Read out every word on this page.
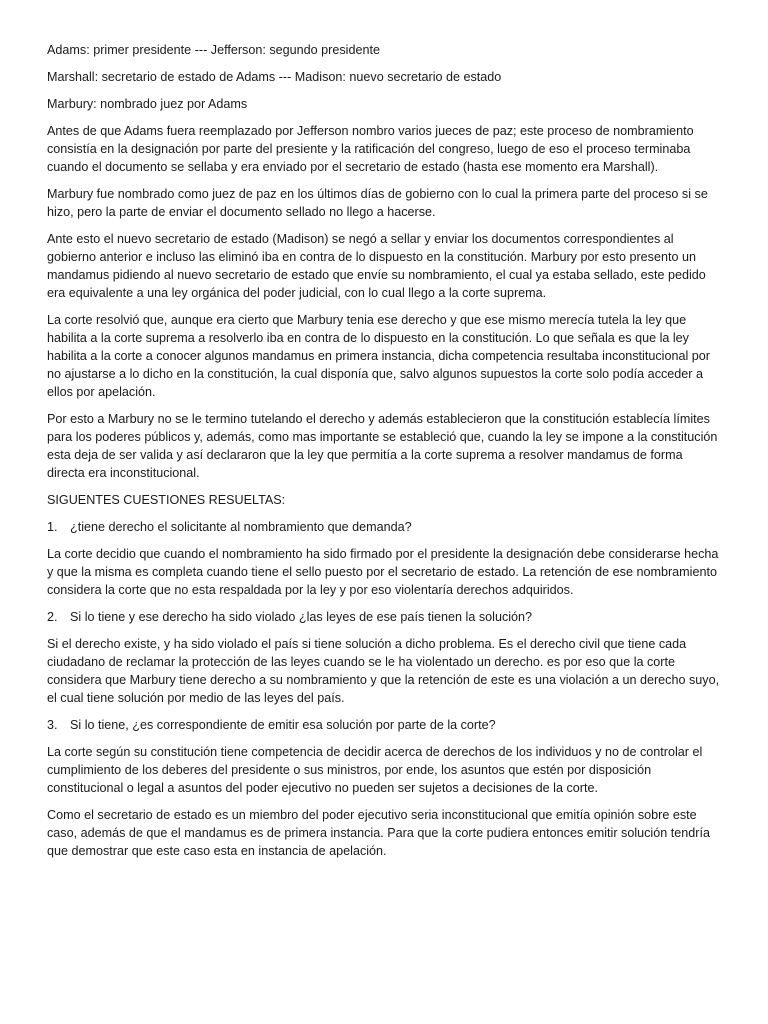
Adams: primer presidente --- Jefferson: segundo presidente

Marshall: secretario de estado de Adams --- Madison: nuevo secretario de estado

Marbury: nombrado juez por Adams

Antes de que Adams fuera reemplazado por Jefferson nombro varios jueces de paz; este proceso de nombramiento consistía en la designación por parte del presiente y la ratificación del congreso, luego de eso el proceso terminaba cuando el documento se sellaba y era enviado por el secretario de estado (hasta ese momento era Marshall).

Marbury fue nombrado como juez de paz en los últimos días de gobierno con lo cual la primera parte del proceso si se hizo, pero la parte de enviar el documento sellado no llego a hacerse.

Ante esto el nuevo secretario de estado (Madison) se negó a sellar y enviar los documentos correspondientes al gobierno anterior e incluso las eliminó iba en contra de lo dispuesto en la constitución. Marbury por esto presento un mandamus pidiendo al nuevo secretario de estado que envíe su nombramiento, el cual ya estaba sellado, este pedido era equivalente a una ley orgánica del poder judicial, con lo cual llego a la corte suprema.

La corte resolvió que, aunque era cierto que Marbury tenia ese derecho y que ese mismo merecía tutela la ley que habilita a la corte suprema a resolverlo iba en contra de lo dispuesto en la constitución. Lo que señala es que la ley habilita a la corte a conocer algunos mandamus en primera instancia, dicha competencia resultaba inconstitucional por no ajustarse a lo dicho en la constitución, la cual disponía que, salvo algunos supuestos la corte solo podía acceder a ellos por apelación.

Por esto a Marbury no se le termino tutelando el derecho y además establecieron que la constitución establecía límites para los poderes públicos y, además, como mas importante se estableció que, cuando la ley se impone a la constitución esta deja de ser valida y así declararon que la ley que permitía a la corte suprema a resolver mandamus de forma directa era inconstitucional.

SIGUENTES CUESTIONES RESUELTAS:

1. ¿tiene derecho el solicitante al nombramiento que demanda?

La corte decidio que cuando el nombramiento ha sido firmado por el presidente la designación debe considerarse hecha y que la misma es completa cuando tiene el sello puesto por el secretario de estado. La retención de ese nombramiento considera la corte que no esta respaldada por la ley y por eso violentaría derechos adquiridos.

2. Si lo tiene y ese derecho ha sido violado ¿las leyes de ese país tienen la solución?

Si el derecho existe, y ha sido violado el país si tiene solución a dicho problema. Es el derecho civil que tiene cada ciudadano de reclamar la protección de las leyes cuando se le ha violentado un derecho. es por eso que la corte considera que Marbury tiene derecho a su nombramiento y que la retención de este es una violación a un derecho suyo, el cual tiene solución por medio de las leyes del país.

3. Si lo tiene, ¿es correspondiente de emitir esa solución por parte de la corte?

La corte según su constitución tiene competencia de decidir acerca de derechos de los individuos y no de controlar el cumplimiento de los deberes del presidente o sus ministros, por ende, los asuntos que estén por disposición constitucional o legal a asuntos del poder ejecutivo no pueden ser sujetos a decisiones de la corte.

Como el secretario de estado es un miembro del poder ejecutivo seria inconstitucional que emitía opinión sobre este caso, además de que el mandamus es de primera instancia. Para que la corte pudiera entonces emitir solución tendría que demostrar que este caso esta en instancia de apelación.
